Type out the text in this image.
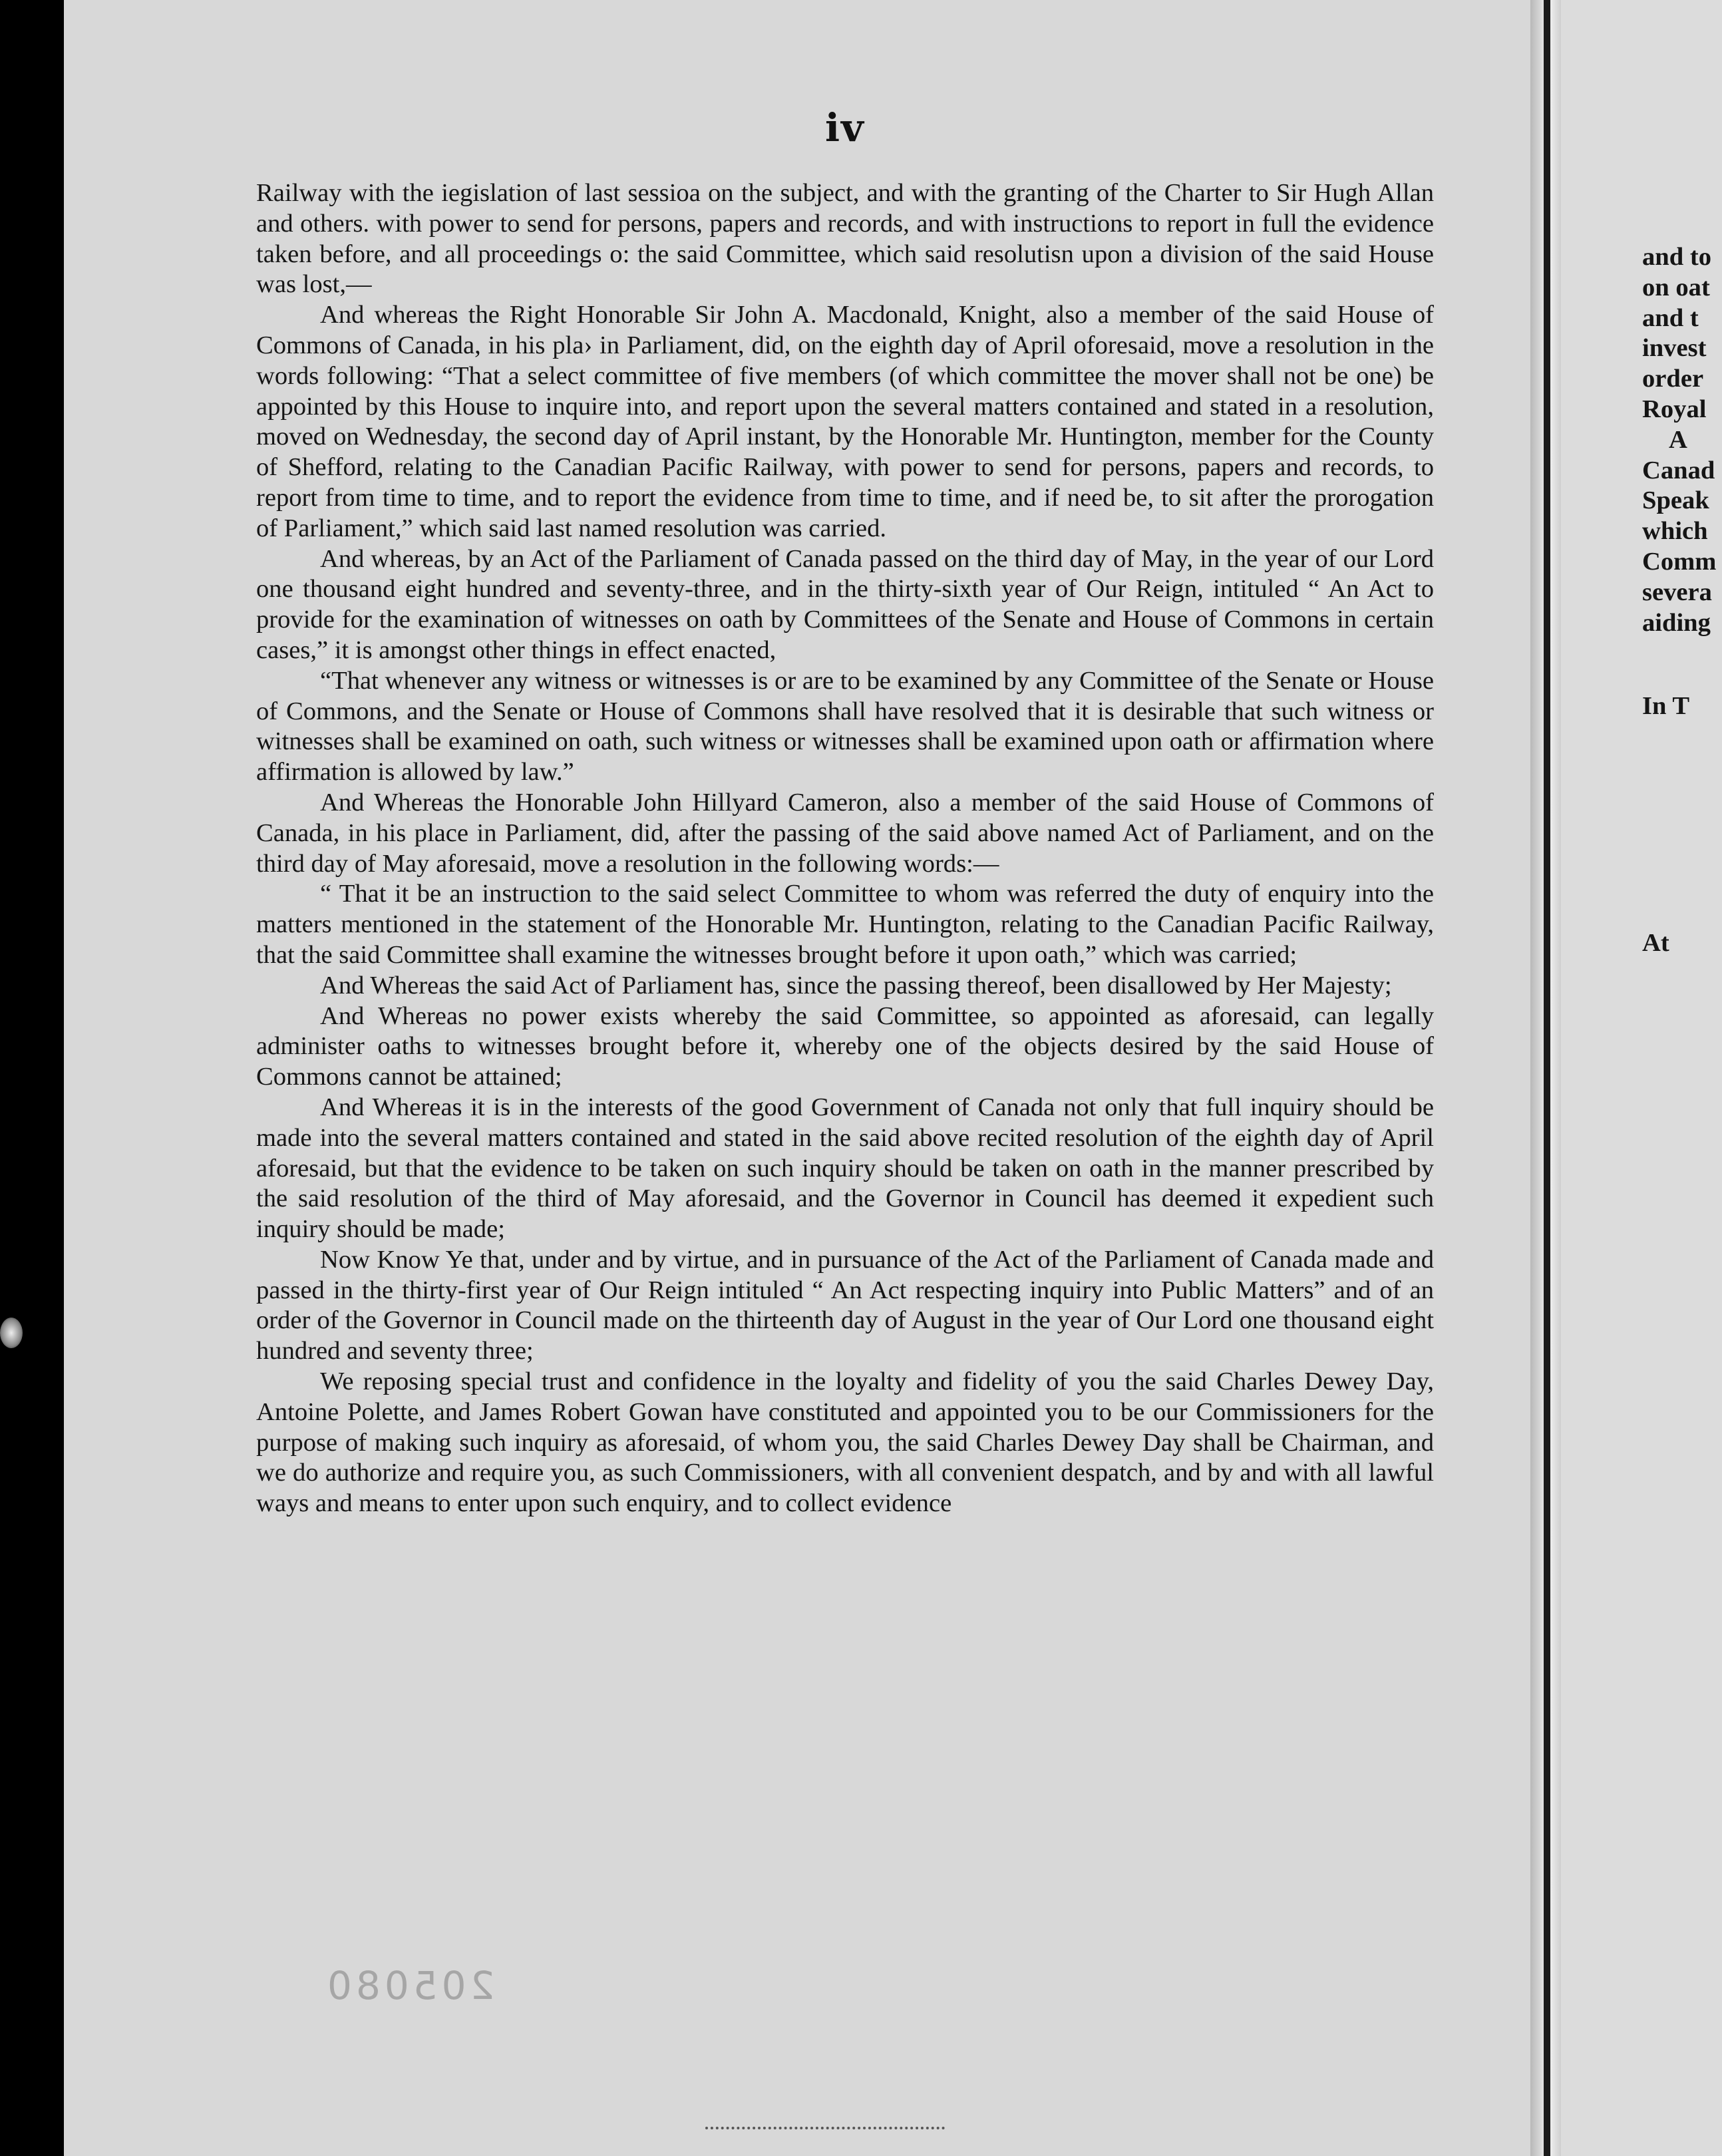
iv

Railway with the iegislation of last sessioa on the subject, and with the granting of the Charter to Sir Hugh Allan and others. with power to send for persons, papers and records, and with instructions to report in full the evidence taken before, and all proceedings o: the said Committee, which said resolutisn upon a division of the said House was lost,—

And whereas the Right Honorable Sir John A. Macdonald, Knight, also a member of the said House of Commons of Canada, in his pla› in Parliament, did, on the eighth day of April oforesaid, move a resolution in the words following: “That a select committee of five members (of which committee the mover shall not be one) be appointed by this House to inquire into, and report upon the several matters contained and stated in a resolution, moved on Wednesday, the second day of April instant, by the Honorable Mr. Huntington, member for the County of Shefford, relating to the Canadian Pacific Railway, with power to send for persons, papers and records, to report from time to time, and to report the evidence from time to time, and if need be, to sit after the prorogation of Parliament,” which said last named resolution was carried.

And whereas, by an Act of the Parliament of Canada passed on the third day of May, in the year of our Lord one thousand eight hundred and seventy-three, and in the thirty-sixth year of Our Reign, intituled “ An Act to provide for the examination of witnesses on oath by Committees of the Senate and House of Commons in certain cases,” it is amongst other things in effect enacted,

“That whenever any witness or witnesses is or are to be examined by any Committee of the Senate or House of Commons, and the Senate or House of Commons shall have resolved that it is desirable that such witness or witnesses shall be examined on oath, such witness or witnesses shall be examined upon oath or affirmation where affirmation is allowed by law.”

And Whereas the Honorable John Hillyard Cameron, also a member of the said House of Commons of Canada, in his place in Parliament, did, after the passing of the said above named Act of Parliament, and on the third day of May aforesaid, move a resolution in the following words:—

“ That it be an instruction to the said select Committee to whom was referred the duty of enquiry into the matters mentioned in the statement of the Honorable Mr. Huntington, relating to the Canadian Pacific Railway, that the said Committee shall examine the witnesses brought before it upon oath,” which was carried;

And Whereas the said Act of Parliament has, since the passing thereof, been disallowed by Her Majesty;

And Whereas no power exists whereby the said Committee, so appointed as aforesaid, can legally administer oaths to witnesses brought before it, whereby one of the objects desired by the said House of Commons cannot be attained;

And Whereas it is in the interests of the good Government of Canada not only that full inquiry should be made into the several matters contained and stated in the said above recited resolution of the eighth day of April aforesaid, but that the evidence to be taken on such inquiry should be taken on oath in the manner prescribed by the said resolution of the third of May aforesaid, and the Governor in Council has deemed it expedient such inquiry should be made;

Now Know Ye that, under and by virtue, and in pursuance of the Act of the Parliament of Canada made and passed in the thirty-first year of Our Reign intituled “ An Act respecting inquiry into Public Matters” and of an order of the Governor in Council made on the thirteenth day of August in the year of Our Lord one thousand eight hundred and seventy three;

We reposing special trust and confidence in the loyalty and fidelity of you the said Charles Dewey Day, Antoine Polette, and James Robert Gowan have constituted and appointed you to be our Commissioners for the purpose of making such inquiry as aforesaid, of whom you, the said Charles Dewey Day shall be Chairman, and we do authorize and require you, as such Commissioners, with all convenient despatch, and by and with all lawful ways and means to enter upon such enquiry, and to collect evidence

and to
on oat
and t
invest
order
Royal
A
Canad
Speak
which
Comm
severa
aiding
In T
At
205080
